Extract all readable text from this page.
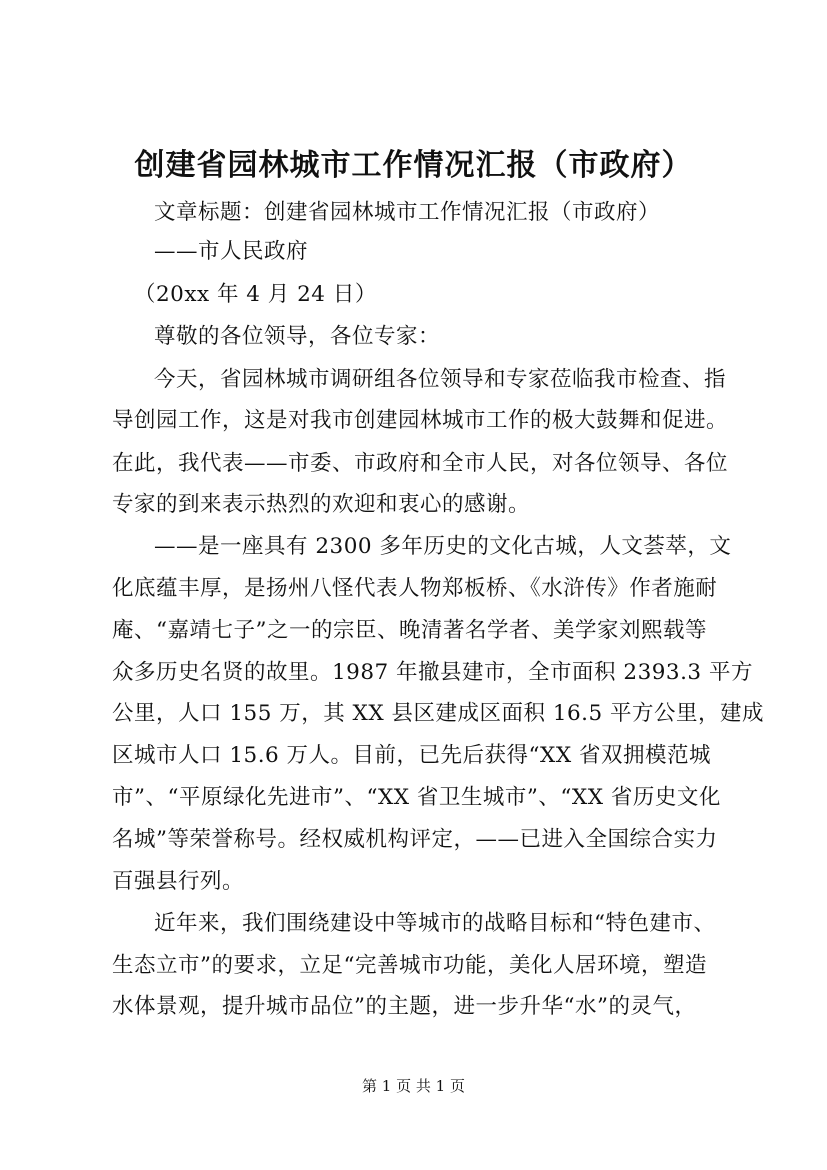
创建省园林城市工作情况汇报（市政府）
文章标题：创建省园林城市工作情况汇报（市政府）
——市人民政府
（20xx 年 4 月 24 日）
尊敬的各位领导，各位专家：
今天，省园林城市调研组各位领导和专家莅临我市检查、指
导创园工作，这是对我市创建园林城市工作的极大鼓舞和促进。
在此，我代表——市委、市政府和全市人民，对各位领导、各位
专家的到来表示热烈的欢迎和衷心的感谢。
——是一座具有 2300 多年历史的文化古城，人文荟萃，文
化底蕴丰厚，是扬州八怪代表人物郑板桥、《水浒传》作者施耐
庵、“嘉靖七子”之一的宗臣、晚清著名学者、美学家刘熙载等
众多历史名贤的故里。1987 年撤县建市，全市面积 2393.3 平方
公里，人口 155 万，其 XX 县区建成区面积 16.5 平方公里，建成
区城市人口 15.6 万人。目前，已先后获得“XX 省双拥模范城
市”、“平原绿化先进市”、“XX 省卫生城市”、“XX 省历史文化
名城”等荣誉称号。经权威机构评定，——已进入全国综合实力
百强县行列。
近年来，我们围绕建设中等城市的战略目标和“特色建市、
生态立市”的要求，立足“完善城市功能，美化人居环境，塑造
水体景观，提升城市品位”的主题，进一步升华“水”的灵气，
第 1 页 共 1 页
